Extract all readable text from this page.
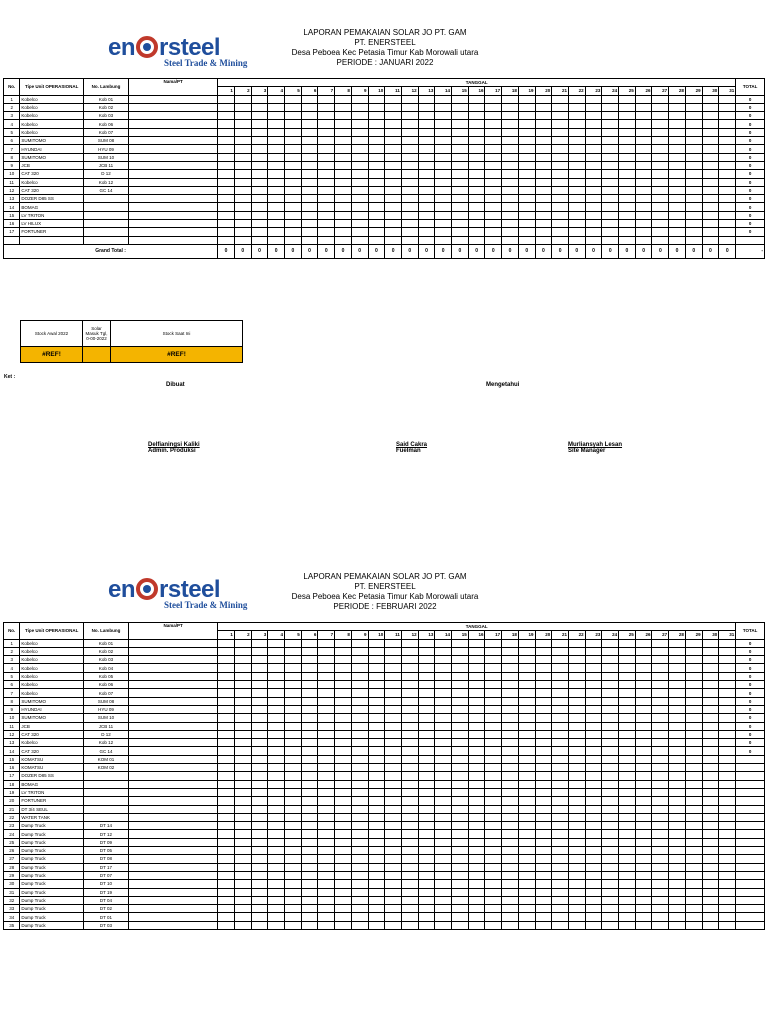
en rsteel
Steel Trade & Mining
LAPORAN PEMAKAIAN SOLAR JO PT. GAM
PT. ENERSTEEL
Desa Peboea Kec Petasia Timur Kab Morowali utara
PERIODE : JANUARI 2022
No.	Tipe Unit OPERASIONAL	No. Lambung	Nama/PT	TANGGAL																															TOTAL
				1	2	3	4	5	6	7	8	9	10	11	12	13	14	15	16	17	18	19	20	21	22	23	24	25	26	27	28	29	30	31	
1	Kobelco	Kob 01																																	0
2	Kobelco	Kob 02																																	0
3	Kobelco	Kob 03																																	0
4	Kobelco	Kob 06																																	0
5	Kobelco	Kob 07																																	0
6	SUMITOMO	SUM 08																																	0
7	HYUNDAI	HYU 09																																	0
8	SUMITOMO	SUM 10																																	0
9	JCB	JCB 11																																	0
10	CAT 320	D 12																																	0
11	Kobelco	Kob 12																																	0
12	CAT 320	GC 14																																	0
13	DOZER D85 SS																																		0
14	BOMAG																																		0
15	LV TRITON																																		0
16	LV HILUX																																		0
17	FORTUNER																																		0

Grand Total :				0	0	0	0	0	0	0	0	0	0	0	0	0	0	0	0	0	0	0	0	0	0	0	0	0	0	0	0	0	0	0	-
Stock Awal 2022	Solar Masuk Tgl, 0-00-2022	Stock Saat Ini
#REF!		#REF!
Ket :
Dibuat	Mengetahui
Delfianingsi Kaliki
Admin. Produksi
Said Cakra
Fuelman
Murliansyah Lesan
Site Manager
en rsteel
Steel Trade & Mining
LAPORAN PEMAKAIAN SOLAR JO PT. GAM
PT. ENERSTEEL
Desa Peboea Kec Petasia Timur Kab Morowali utara
PERIODE : FEBRUARI 2022
No.	Tipe Unit OPERASIONAL	No. Lambung	Nama/PT	TANGGAL																															TOTAL
				1	2	3	4	5	6	7	8	9	10	11	12	13	14	15	16	17	18	19	20	21	22	23	24	25	26	27	28	29	30	31	
1	Kobelco	Kob 01																																	0
2	Kobelco	Kob 02																																	0
3	Kobelco	Kob 03																																	0
4	Kobelco	Kob 04																																	0
5	Kobelco	Kob 05																																	0
6	Kobelco	Kob 06																																	0
7	Kobelco	Kob 07																																	0
8	SUMITOMO	SUM 08																																	0
9	HYUNDAI	HYU 09																																	0
10	SUMITOMO	SUM 10																																	0
11	JCB	JCB 11																																	0
12	CAT 320	D 12																																	0
13	Kobelco	Kob 12																																	0
14	CAT 320	GC 14																																	0
15	KOMATSU	KOM 01																																	
16	KOMATSU	KOM 02																																	
17	DOZER D85 SS																																		
18	BOMAG																																		
19	LV TRITON																																		
20	FORTUNER																																		
21	DT 3/4 SEUL																																		
22	WATER TANK																																		
23	Dump Truck	DT 14																																	
24	Dump Truck	DT 12																																	
25	Dump Truck	DT 09																																	
26	Dump Truck	DT 05																																	
27	Dump Truck	DT 08																																	
28	Dump Truck	DT 17																																	
29	Dump Truck	DT 07																																	
30	Dump Truck	DT 10																																	
31	Dump Truck	DT 19																																	
32	Dump Truck	DT 04																																	
33	Dump Truck	DT 02																																	
34	Dump Truck	DT 01																																	
35	Dump Truck	DT 03																																	
